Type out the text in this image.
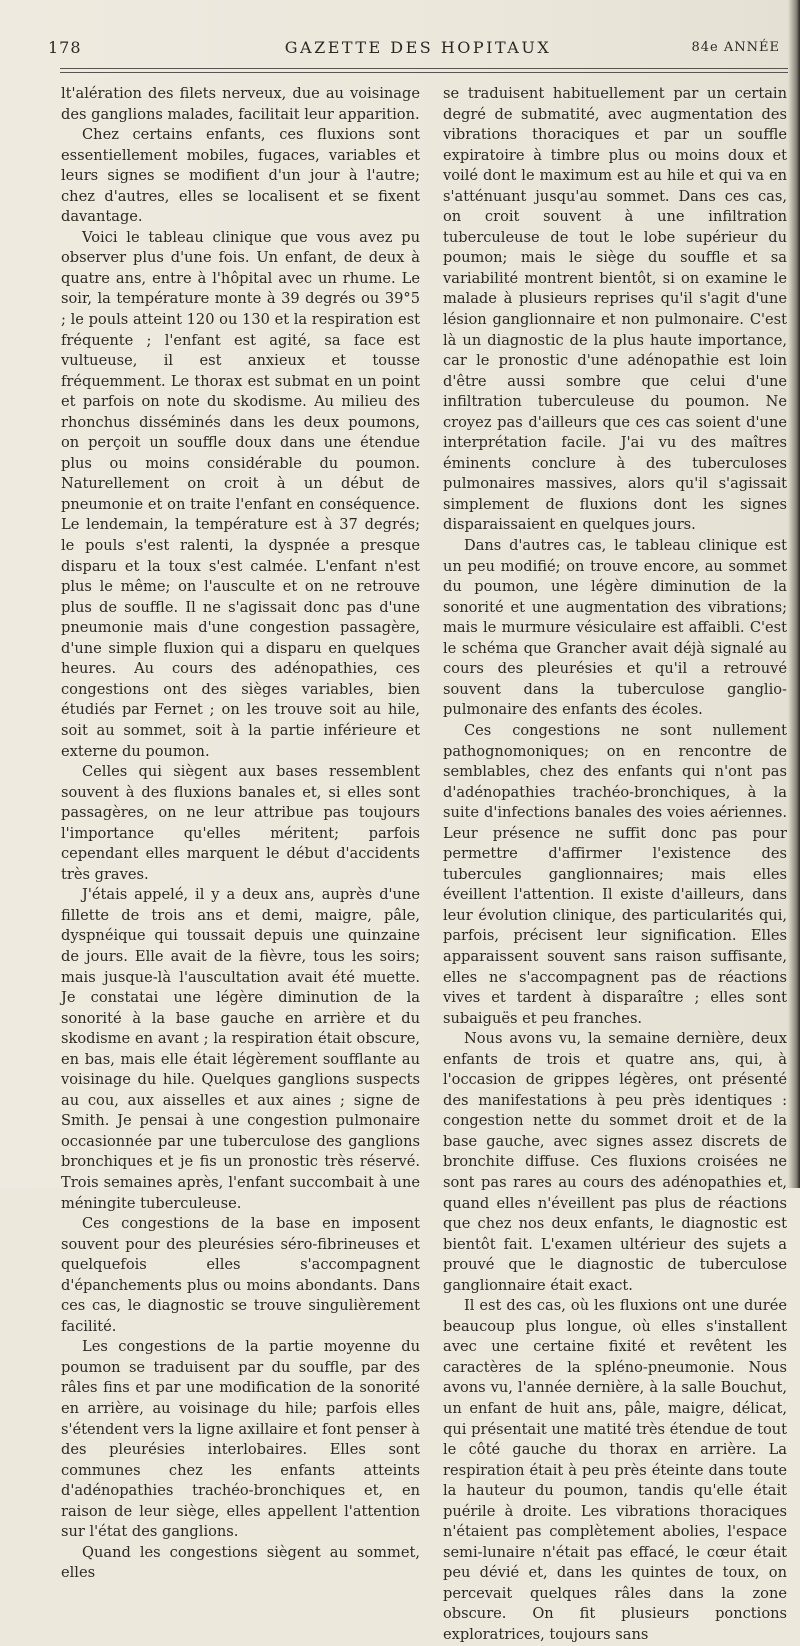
178	GAZETTE DES HOPITAUX	84e ANNÉE

lt'alération des filets nerveux, due au voisinage des ganglions malades, facilitait leur apparition.

Chez certains enfants, ces fluxions sont essentiellement mobiles, fugaces, variables et leurs signes se modifient d'un jour à l'autre; chez d'autres, elles se localisent et se fixent davantage.

Voici le tableau clinique que vous avez pu observer plus d'une fois. Un enfant, de deux à quatre ans, entre à l'hôpital avec un rhume. Le soir, la température monte à 39 degrés ou 39°5 ; le pouls atteint 120 ou 130 et la respiration est fréquente ; l'enfant est agité, sa face est vultueuse, il est anxieux et tousse fréquemment. Le thorax est submat en un point et parfois on note du skodisme. Au milieu des rhonchus disséminés dans les deux poumons, on perçoit un souffle doux dans une étendue plus ou moins considérable du poumon. Naturellement on croit à un début de pneumonie et on traite l'enfant en conséquence. Le lendemain, la température est à 37 degrés; le pouls s'est ralenti, la dyspnée a presque disparu et la toux s'est calmée. L'enfant n'est plus le même; on l'ausculte et on ne retrouve plus de souffle. Il ne s'agissait donc pas d'une pneumonie mais d'une congestion passagère, d'une simple fluxion qui a disparu en quelques heures. Au cours des adénopathies, ces congestions ont des sièges variables, bien étudiés par Fernet ; on les trouve soit au hile, soit au sommet, soit à la partie inférieure et externe du poumon.

Celles qui siègent aux bases ressemblent souvent à des fluxions banales et, si elles sont passagères, on ne leur attribue pas toujours l'importance qu'elles méritent; parfois cependant elles marquent le début d'accidents très graves.

J'étais appelé, il y a deux ans, auprès d'une fillette de trois ans et demi, maigre, pâle, dyspnéique qui toussait depuis une quinzaine de jours. Elle avait de la fièvre, tous les soirs; mais jusque-là l'auscultation avait été muette. Je constatai une légère diminution de la sonorité à la base gauche en arrière et du skodisme en avant ; la respiration était obscure, en bas, mais elle était légèrement soufflante au voisinage du hile. Quelques ganglions suspects au cou, aux aisselles et aux aines ; signe de Smith. Je pensai à une congestion pulmonaire occasionnée par une tuberculose des ganglions bronchiques et je fis un pronostic très réservé. Trois semaines après, l'enfant succombait à une méningite tuberculeuse.

Ces congestions de la base en imposent souvent pour des pleurésies séro-fibrineuses et quelquefois elles s'accompagnent d'épanchements plus ou moins abondants. Dans ces cas, le diagnostic se trouve singulièrement facilité.

Les congestions de la partie moyenne du poumon se traduisent par du souffle, par des râles fins et par une modification de la sonorité en arrière, au voisinage du hile; parfois elles s'étendent vers la ligne axillaire et font penser à des pleurésies interlobaires. Elles sont communes chez les enfants atteints d'adénopathies trachéo-bronchiques et, en raison de leur siège, elles appellent l'attention sur l'état des ganglions.

Quand les congestions siègent au sommet, elles

se traduisent habituellement par un certain degré de submatité, avec augmentation des vibrations thoraciques et par un souffle expiratoire à timbre plus ou moins doux et voilé dont le maximum est au hile et qui va en s'atténuant jusqu'au sommet. Dans ces cas, on croit souvent à une infiltration tuberculeuse de tout le lobe supérieur du poumon; mais le siège du souffle et sa variabilité montrent bientôt, si on examine le malade à plusieurs reprises qu'il s'agit d'une lésion ganglionnaire et non pulmonaire. C'est là un diagnostic de la plus haute importance, car le pronostic d'une adénopathie est loin d'être aussi sombre que celui d'une infiltration tuberculeuse du poumon. Ne croyez pas d'ailleurs que ces cas soient d'une interprétation facile. J'ai vu des maîtres éminents conclure à des tuberculoses pulmonaires massives, alors qu'il s'agissait simplement de fluxions dont les signes disparaissaient en quelques jours.

Dans d'autres cas, le tableau clinique est un peu modifié; on trouve encore, au sommet du poumon, une légère diminution de la sonorité et une augmentation des vibrations; mais le murmure vésiculaire est affaibli. C'est le schéma que Grancher avait déjà signalé au cours des pleurésies et qu'il a retrouvé souvent dans la tuberculose ganglio-pulmonaire des enfants des écoles.

Ces congestions ne sont nullement pathognomoniques; on en rencontre de semblables, chez des enfants qui n'ont pas d'adénopathies trachéo-bronchiques, à la suite d'infections banales des voies aériennes. Leur présence ne suffit donc pas pour permettre d'affirmer l'existence des tubercules ganglionnaires; mais elles éveillent l'attention. Il existe d'ailleurs, dans leur évolution clinique, des particularités qui, parfois, précisent leur signification. Elles apparaissent souvent sans raison suffisante, elles ne s'accompagnent pas de réactions vives et tardent à disparaître ; elles sont subaiguës et peu franches.

Nous avons vu, la semaine dernière, deux enfants de trois et quatre ans, qui, à l'occasion de grippes légères, ont présenté des manifestations à peu près identiques : congestion nette du sommet droit et de la base gauche, avec signes assez discrets de bronchite diffuse. Ces fluxions croisées ne sont pas rares au cours des adénopathies et, quand elles n'éveillent pas plus de réactions que chez nos deux enfants, le diagnostic est bientôt fait. L'examen ultérieur des sujets a prouvé que le diagnostic de tuberculose ganglionnaire était exact.

Il est des cas, où les fluxions ont une durée beaucoup plus longue, où elles s'installent avec une certaine fixité et revêtent les caractères de la spléno-pneumonie. Nous avons vu, l'année dernière, à la salle Bouchut, un enfant de huit ans, pâle, maigre, délicat, qui présentait une matité très étendue de tout le côté gauche du thorax en arrière. La respiration était à peu près éteinte dans toute la hauteur du poumon, tandis qu'elle était puérile à droite. Les vibrations thoraciques n'étaient pas complètement abolies, l'espace semi-lunaire n'était pas effacé, le cœur était peu dévié et, dans les quintes de toux, on percevait quelques râles dans la zone obscure. On fit plusieurs ponctions exploratrices, toujours sans
